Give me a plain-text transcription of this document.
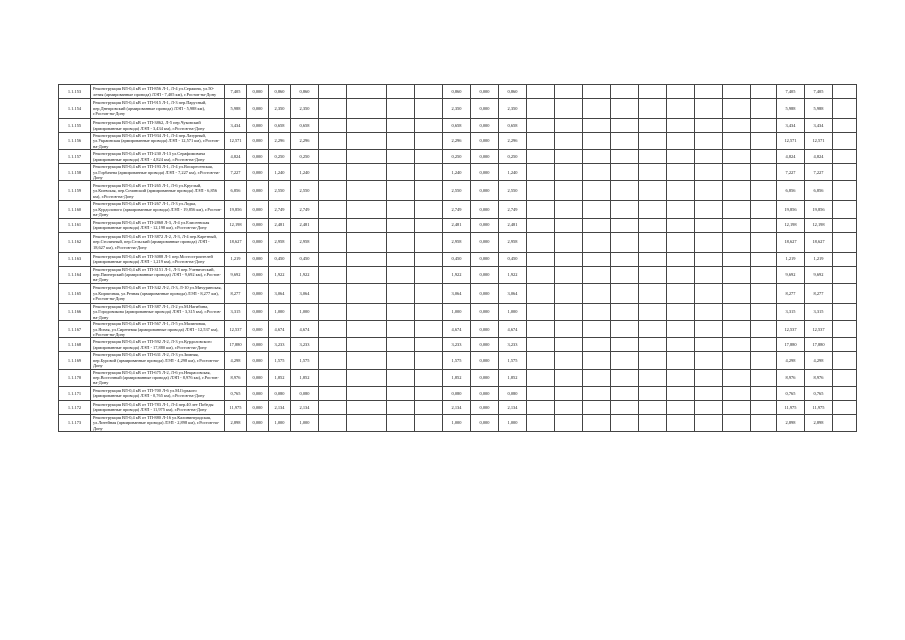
1.1.153	Реконструкция ВЛ-0,4 кВ от ТП-856 Л-1, Л-4 ул.Сержина, ул.50-летия (армированные провода) ЛЭП - 7,405 км), г.Ростов-на-Дону	7,405	0,000	0,860	0,860					0,860	0,000	0,860										7,405	7,405	
1.1.154	Реконструкция ВЛ-0,4 кВ от ТП-915 Л-1, Л-3 пер.Парусный, пер.Днепровский (армированные провода) ЛЭП - 5,988 км), г.Ростов-на-Дону	5,988	0,000	2,350	2,350					2,350	0,000	2,350										5,988	5,988	
1.1.155	Реконструкция ВЛ-0,4 кВ от ТП-3862, Л-5 пер.Чуковский (армированные провода) ЛЭП - 3,434 км), г.Ростов-на-Дону	3,434	0,000	0,658	0,658					0,658	0,000	0,658										3,434	3,434	
1.1.156	Реконструкция ВЛ-0,4 кВ от ТП-934 Л-1, Л-4 пер.Лазурный, ул.Украинская (армированные провода) ЛЭП - 12,571 км), г.Ростов-на-Дону	12,571	0,000	2,296	2,296					2,296	0,000	2,296										12,571	12,571	
1.1.157	Реконструкция ВЛ-0,4 кВ от ТП-230 Л-13 ул.Серафимовича (армированные провода) ЛЭП - 4,824 км), г.Ростов-на-Дону	4,824	0,000	0,250	0,250					0,250	0,000	0,250										4,824	4,824	
1.1.158	Реконструкция ВЛ-0,4 кВ от ТП-193 Л-1, Л-4 ул.Воскресенская, ул.Горбачева (армированные провода) ЛЭП - 7,227 км), г.Ростов-на-Дону	7,227	0,000	1,240	1,240					1,240	0,000	1,240										7,227	7,227	
1.1.159	Реконструкция ВЛ-0,4 кВ от ТП-265 Л-1, Л-6 ул.Круглый, ул.Киевская, пер.Сочинский (армированные провода) ЛЭП - 6,856 км), г.Ростов-на-Дону	6,856	0,000	2,550	2,550					2,550	0,000	2,550										6,856	6,856	
1.1.160	Реконструкция ВЛ-0,4 кВ от ТП-267 Л-1, Л-3 ул.Лодка, ул.Курдолового (армированные провода) ЛЭП - 19,856 км), г.Ростов-на-Дону	19,856	0,000	2,749	2,749					2,749	0,000	2,749										19,856	19,856	
1.1.161	Реконструкция ВЛ-0,4 кВ от ТП-2868 Л-3, Л-4 ул.Елисеевская (армированные провода) ЛЭП - 12,198 км), г.Ростов-на-Дону	12,198	0,000	2,481	2,481					2,481	0,000	2,481										12,198	12,198	
1.1.162	Реконструкция ВЛ-0,4 кВ от ТП-3872 Л-2, Л-3, Л-4 пер.Каретный, пер.Столичный, пер.Сельский (армированные провода) ЛЭП - 18,627 км), г.Ростов-на-Дону	18,627	0,000	2,958	2,958					2,958	0,000	2,958										18,627	18,627	
1.1.163	Реконструкция ВЛ-0,4 кВ от ТП-3088 Л-1 пер.Мостостроителей (армированные провода) ЛЭП - 1,219 км), г.Ростов-на-Дону	1,219	0,000	0,450	0,450					0,450	0,000	0,450										1,219	1,219	
1.1.164	Реконструкция ВЛ-0,4 кВ от ТП-3151 Л-1, Л-3 пер.Ученический, пер.Пионерский (армированные провода) ЛЭП - 9,692 км), г.Ростов-на-Дону	9,692	0,000	1,922	1,922					1,922	0,000	1,922										9,692	9,692	
1.1.165	Реконструкция ВЛ-0,4 кВ от ТП-342 Л-2, Л-3, Л-10 ул.Мичуринская, ул.Кирпичная, ул.Речная (армированные провода) ЛЭП - 8,277 км), г.Ростов-на-Дону	8,277	0,000	3,064	3,064					3,064	0,000	3,064										8,277	8,277	
1.1.166	Реконструкция ВЛ-0,4 кВ от ТП-387 Л-1, Л-2 ул.М.Нагибина, ул.Городовикова (армированные провода) ЛЭП - 3,315 км), г.Ростов-на-Дону	3,315	0,000	1,000	1,000					1,000	0,000	1,000										3,315	3,315	
1.1.167	Реконструкция ВЛ-0,4 кВ от ТП-567 Л-1, Л-5 ул.Малиновая, ул.Ясная, ул.Сиреневая (армированные провода) ЛЭП - 12,537 км), г.Ростов-на-Дону	12,537	0,000	4,674	4,674					4,674	0,000	4,674										12,537	12,537	
1.1.168	Реконструкция ВЛ-0,4 кВ от ТП-592 Л-2, Л-3 ул.Курдоловского (армированные провода) ЛЭП - 17,880 км), г.Ростов-на-Дону	17,880	0,000	3,233	3,233					3,233	0,000	3,233										17,880	17,880	
1.1.169	Реконструкция ВЛ-0,4 кВ от ТП-631 Л-2, Л-3 ул.Зимняя, пер.Буровой (армированные провода) ЛЭП - 4,298 км), г.Ростов-на-Дону	4,298	0,000	1,575	1,575					1,575	0,000	1,575										4,298	4,298	
1.1.170	Реконструкция ВЛ-0,4 кВ от ТП-675 Л-2, Л-6 ул.Некрасовская, пер.Восточный (армированные провода) ЛЭП - 8,976 км), г.Ростов-на-Дону	8,976	0,000	1,852	1,852					1,852	0,000	1,852										8,976	8,976	
1.1.171	Реконструкция ВЛ-0,4 кВ от ТП-700 Л-6 ул.М.Горького (армированные провода) ЛЭП - 0,765 км), г.Ростов-на-Дону	0,765	0,000	0,080	0,080					0,080	0,000	0,080										0,765	0,765	
1.1.172	Реконструкция ВЛ-0,4 кВ от ТП-783 Л-1, Л-4 пер.40 лет Победы (армированные провода) ЛЭП - 11,975 км), г.Ростов-на-Дону	11,975	0,000	2,134	2,134					2,134	0,000	2,134										11,975	11,975	
1.1.173	Реконструкция ВЛ-0,4 кВ от ТП-880 Л-16 ул.Калининградская, ул.Литейная (армированные провода) ЛЭП - 2,898 км), г.Ростов-на-Дону	2,898	0,000	1,000	1,000					1,000	0,000	1,000										2,898	2,898	
